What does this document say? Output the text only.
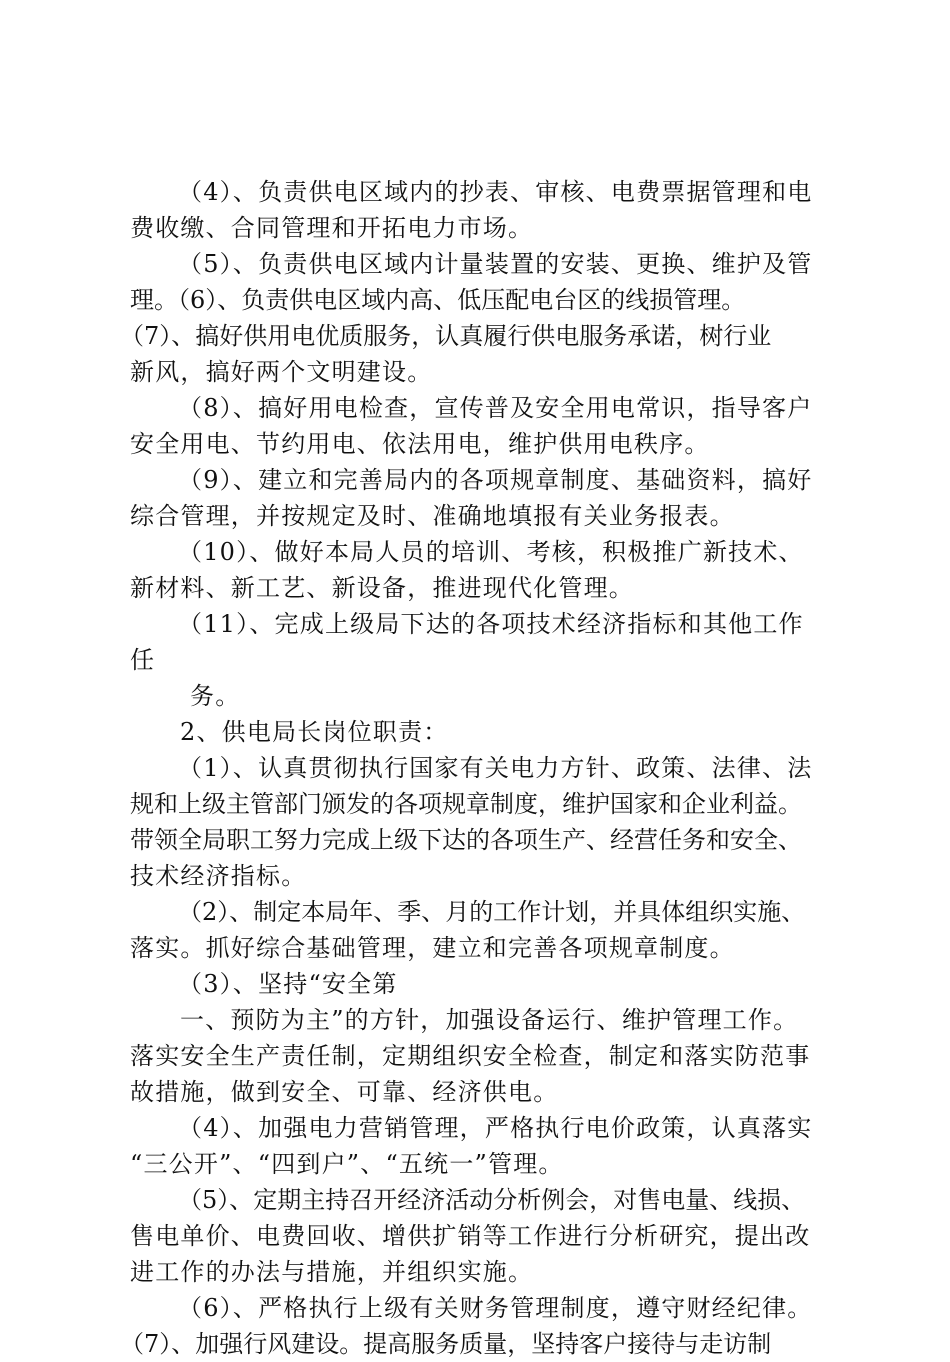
（4）、负责供电区域内的抄表、审核、电费票据管理和电
费收缴、合同管理和开拓电力市场。
（5）、负责供电区域内计量装置的安装、更换、维护及管
理。（6）、负责供电区域内高、低压配电台区的线损管理。
（7）、搞好供用电优质服务，认真履行供电服务承诺，树行业
新风，搞好两个文明建设。
（8）、搞好用电检查，宣传普及安全用电常识，指导客户
安全用电、节约用电、依法用电，维护供用电秩序。
（9）、建立和完善局内的各项规章制度、基础资料，搞好
综合管理，并按规定及时、准确地填报有关业务报表。
（10）、做好本局人员的培训、考核，积极推广新技术、
新材料、新工艺、新设备，推进现代化管理。
（11）、完成上级局下达的各项技术经济指标和其他工作
任
务。
2、供电局长岗位职责：
（1）、认真贯彻执行国家有关电力方针、政策、法律、法
规和上级主管部门颁发的各项规章制度，维护国家和企业利益。
带领全局职工努力完成上级下达的各项生产、经营任务和安全、
技术经济指标。
（2）、制定本局年、季、月的工作计划，并具体组织实施、
落实。抓好综合基础管理，建立和完善各项规章制度。
（3）、坚持“安全第
一、预防为主”的方针，加强设备运行、维护管理工作。
落实安全生产责任制，定期组织安全检查，制定和落实防范事
故措施，做到安全、可靠、经济供电。
（4）、加强电力营销管理，严格执行电价政策，认真落实
“三公开”、“四到户”、“五统一”管理。
（5）、定期主持召开经济活动分析例会，对售电量、线损、
售电单价、电费回收、增供扩销等工作进行分析研究，提出改
进工作的办法与措施，并组织实施。
（6）、严格执行上级有关财务管理制度，遵守财经纪律。
（7）、加强行风建设。提高服务质量，坚持客户接待与走访制
